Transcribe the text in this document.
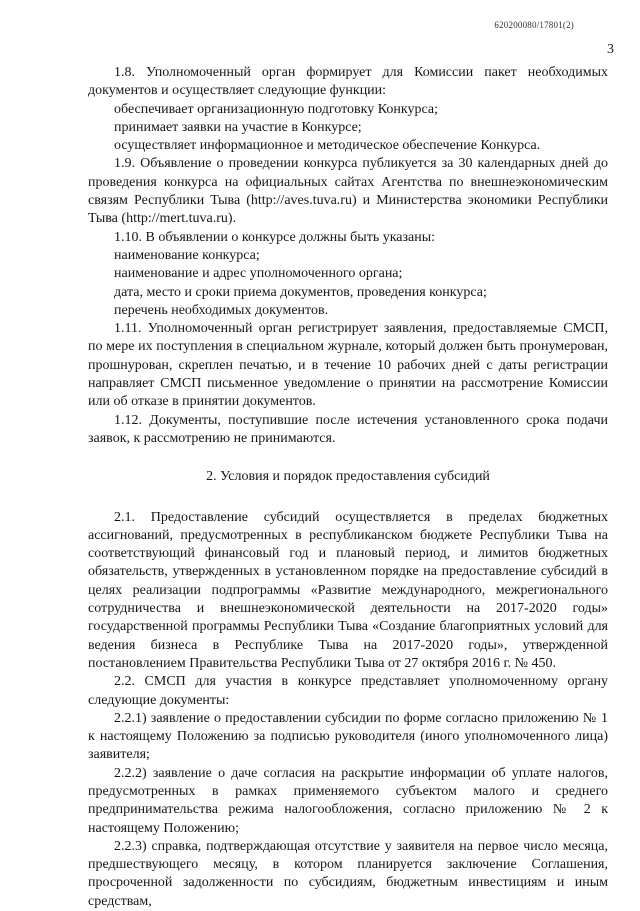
620200080/17801(2)
3

1.8. Уполномоченный орган формирует для Комиссии пакет необходимых документов и осуществляет следующие функции:

обеспечивает организационную подготовку Конкурса;

принимает заявки на участие в Конкурсе;

осуществляет информационное и методическое обеспечение Конкурса.

1.9. Объявление о проведении конкурса публикуется за 30 календарных дней до проведения конкурса на официальных сайтах Агентства по внешнеэкономическим связям Республики Тыва (http://aves.tuva.ru) и Министерства экономики Республики Тыва (http://mert.tuva.ru).

1.10. В объявлении о конкурсе должны быть указаны:

наименование конкурса;

наименование и адрес уполномоченного органа;

дата, место и сроки приема документов, проведения конкурса;

перечень необходимых документов.

1.11. Уполномоченный орган регистрирует заявления, предоставляемые СМСП, по мере их поступления в специальном журнале, который должен быть пронумерован, прошнурован, скреплен печатью, и в течение 10 рабочих дней с даты регистрации направляет СМСП письменное уведомление о принятии на рассмотрение Комиссии или об отказе в принятии документов.

1.12. Документы, поступившие после истечения установленного срока подачи заявок, к рассмотрению не принимаются.

2. Условия и порядок предоставления субсидий

2.1. Предоставление субсидий осуществляется в пределах бюджетных ассигнований, предусмотренных в республиканском бюджете Республики Тыва на соответствующий финансовый год и плановый период, и лимитов бюджетных обязательств, утвержденных в установленном порядке на предоставление субсидий в целях реализации подпрограммы «Развитие международного, межрегионального сотрудничества и внешнеэкономической деятельности на 2017-2020 годы» государственной программы Республики Тыва «Создание благоприятных условий для ведения бизнеса в Республике Тыва на 2017-2020 годы», утвержденной постановлением Правительства Республики Тыва от 27 октября 2016 г. № 450.

2.2. СМСП для участия в конкурсе представляет уполномоченному органу следующие документы:

2.2.1) заявление о предоставлении субсидии по форме согласно приложению № 1 к настоящему Положению за подписью руководителя (иного уполномоченного лица) заявителя;

2.2.2) заявление о даче согласия на раскрытие информации об уплате налогов, предусмотренных в рамках применяемого субъектом малого и среднего предпринимательства режима налогообложения, согласно приложению № 2 к настоящему Положению;

2.2.3) справка, подтверждающая отсутствие у заявителя на первое число месяца, предшествующего месяцу, в котором планируется заключение Соглашения, просроченной задолженности по субсидиям, бюджетным инвестициям и иным средствам,
